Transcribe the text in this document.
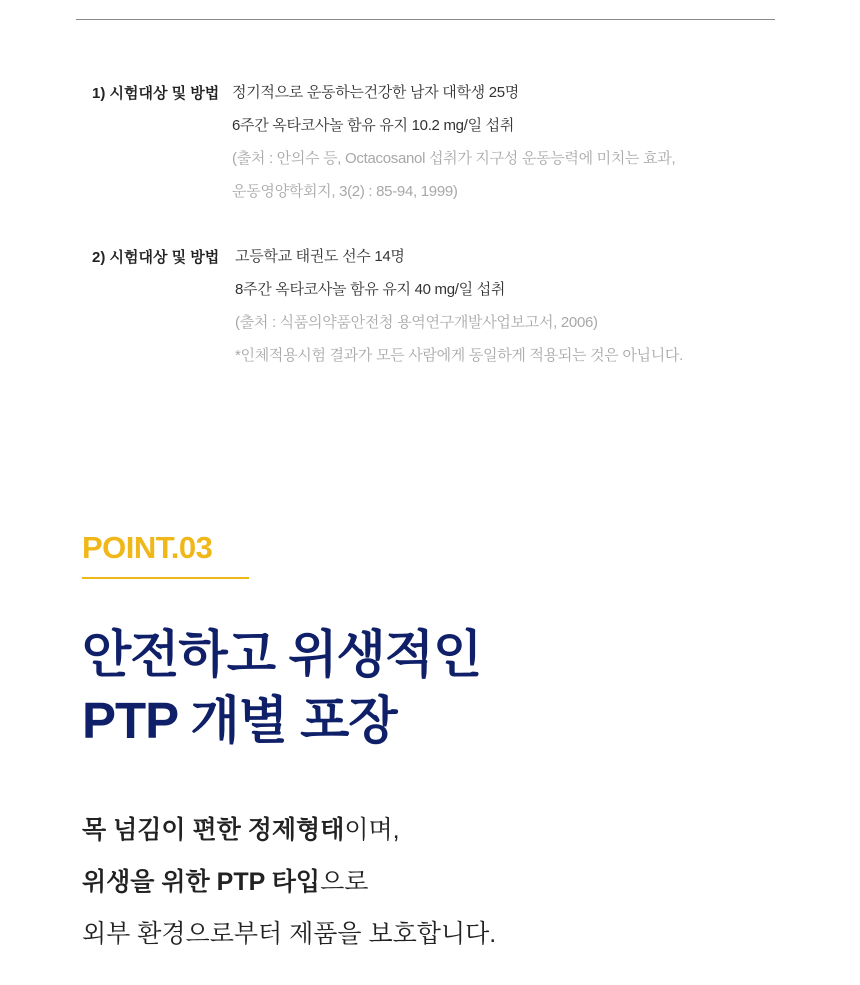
1) 시험대상 및 방법 정기적으로 운동하는건강한 남자 대학생 25명
6주간 옥타코사놀 함유 유지 10.2 mg/일 섭취
(출처 : 안의수 등, Octacosanol 섭취가 지구성 운동능력에 미치는 효과,
운동영양학회지, 3(2) : 85-94, 1999)
2) 시험대상 및 방법 고등학교 태권도 선수 14명
8주간 옥타코사놀 함유 유지 40 mg/일 섭취
(출처 : 식품의약품안전청 용역연구개발사업보고서, 2006)
*인체적용시험 결과가 모든 사람에게 동일하게 적용되는 것은 아닙니다.
POINT.03
안전하고 위생적인
PTP 개별 포장
목 넘김이 편한 정제형태이며,
위생을 위한 PTP 타입으로
외부 환경으로부터 제품을 보호합니다.
